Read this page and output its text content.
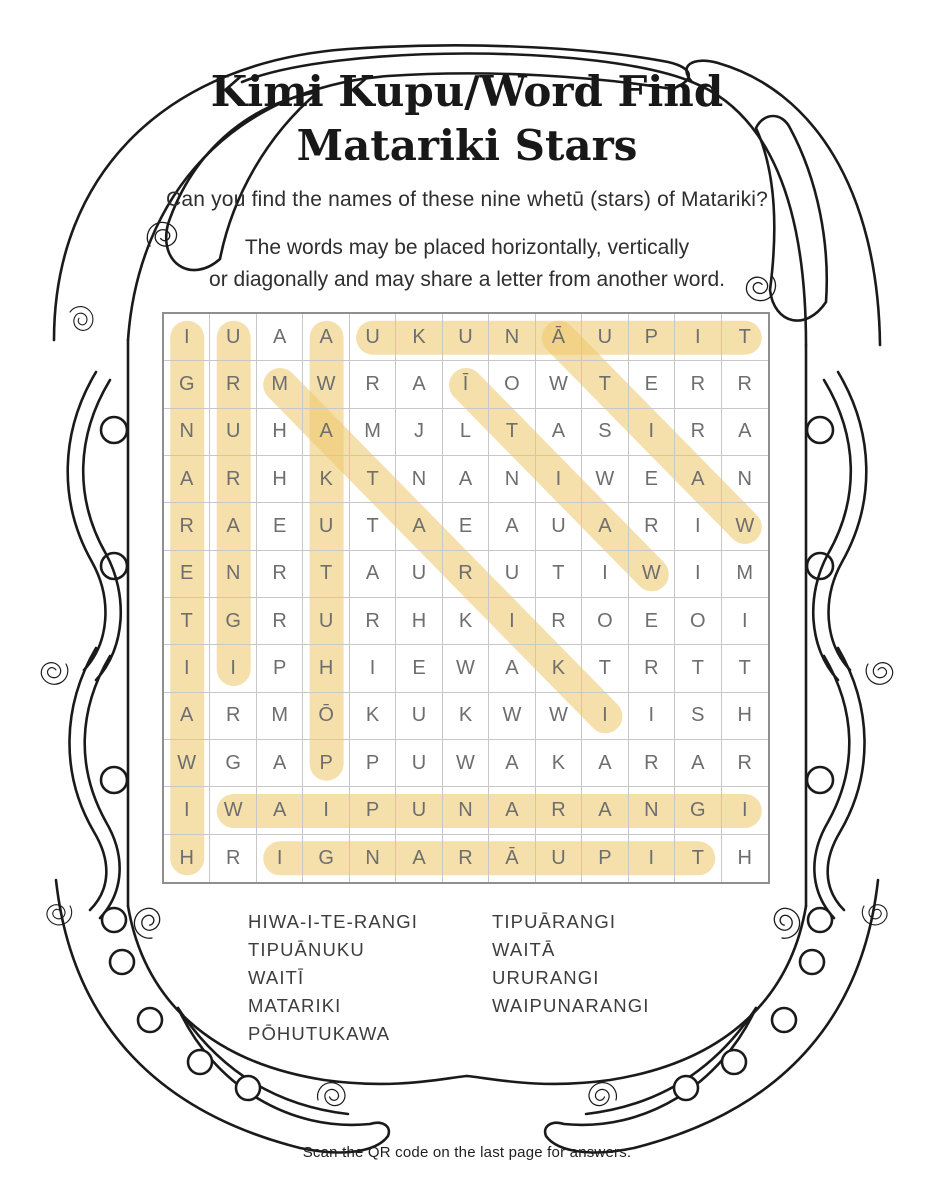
Kimi Kupu/Word Find
Matariki Stars
Can you find the names of these nine whetū (stars) of Matariki?
The words may be placed horizontally, vertically
or diagonally and may share a letter from another word.
I	U	A	A	U	K	U	N	Ā	U	P	I	T
G	R	M	W	R	A	Ī	O	W	T	E	R	R
N	U	H	A	M	J	L	T	A	S	I	R	A
A	R	H	K	T	N	A	N	I	W	E	A	N
R	A	E	U	T	A	E	A	U	A	R	I	W
E	N	R	T	A	U	R	U	T	I	W	I	M
T	G	R	U	R	H	K	I	R	O	E	O	I
I	I	P	H	I	E	W	A	K	T	R	T	T
A	R	M	Ō	K	U	K	W	W	I	I	S	H
W	G	A	P	P	U	W	A	K	A	R	A	R
I	W	A	I	P	U	N	A	R	A	N	G	I
H	R	I	G	N	A	R	Ā	U	P	I	T	H
HIWA-I-TE-RANGI
TIPUĀNUKU
WAITĪ
MATARIKI
PŌHUTUKAWA
TIPUĀRANGI
WAITĀ
URURANGI
WAIPUNARANGI
Scan the QR code on the last page for answers.
